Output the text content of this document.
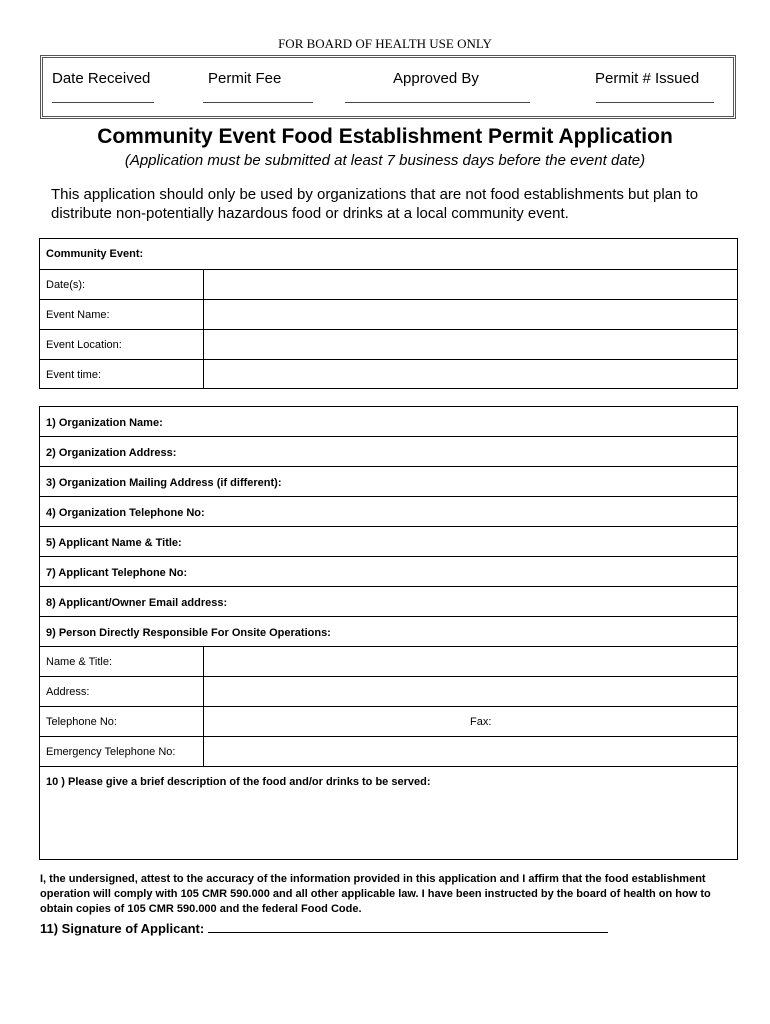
FOR BOARD OF HEALTH USE ONLY
Date Received	Permit Fee	Approved By	Permit # Issued
Community Event Food Establishment Permit Application
(Application must be submitted at least 7 business days before the event date)
This application should only be used by organizations that are not food establishments but plan to distribute non-potentially hazardous food or drinks at a local community event.
Community Event:
Date(s):
Event Name:
Event Location:
Event time:
1) Organization Name:
2) Organization Address:
3) Organization Mailing Address (if different):
4) Organization Telephone No:
5) Applicant Name & Title:
7) Applicant Telephone No:
8) Applicant/Owner Email address:
9) Person Directly Responsible For Onsite Operations:
Name & Title:
Address:
Telephone No:	Fax:
Emergency Telephone No:
10 ) Please give a brief description of the food and/or drinks to be served:
I, the undersigned, attest to the accuracy of the information provided in this application and I affirm that the food establishment operation will comply with 105 CMR 590.000 and all other applicable law. I have been instructed by the board of health on how to obtain copies of 105 CMR 590.000 and the federal Food Code.
11) Signature of Applicant:
